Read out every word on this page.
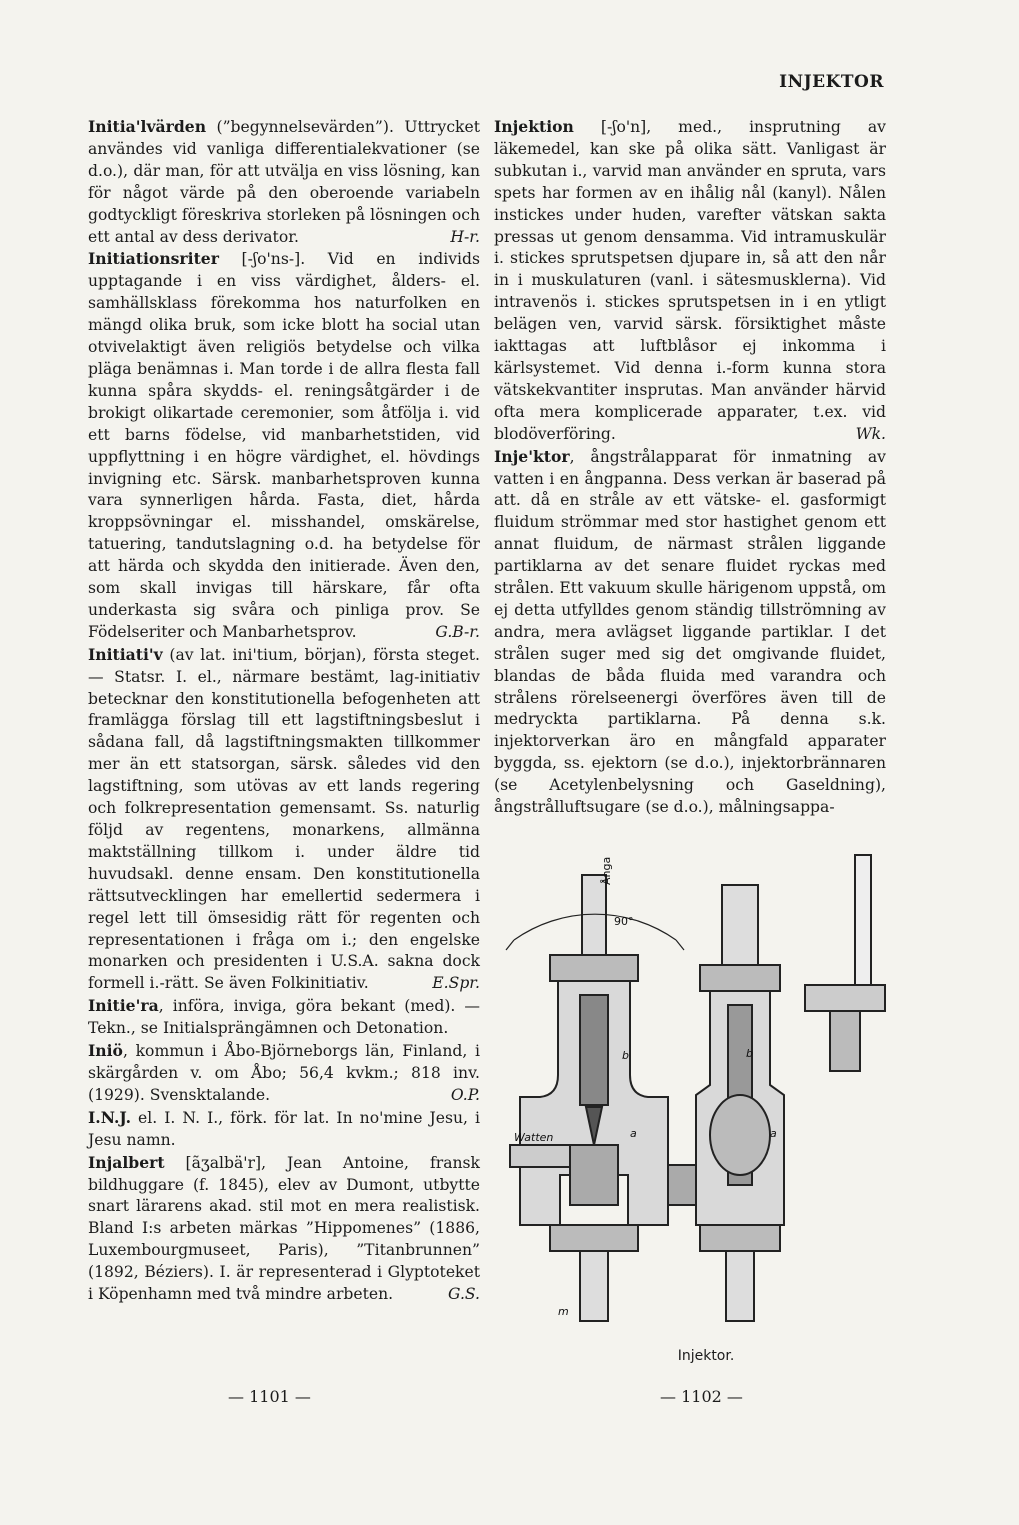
INJEKTOR

Initia'lvärden (”begynnelsevärden”). Uttrycket användes vid vanliga differentialekvationer (se d.o.), där man, för att utvälja en viss lösning, kan för något värde på den oberoende variabeln godtyckligt föreskriva storleken på lösningen och ett antal av dess derivator.	H-r.

Initiationsriter [-ʃo'ns-]. Vid en individs upptagande i en viss värdighet, ålders- el. samhällsklass förekomma hos naturfolken en mängd olika bruk, som icke blott ha social utan otvivelaktigt även religiös betydelse och vilka pläga benämnas i. Man torde i de allra flesta fall kunna spåra skydds- el. reningsåtgärder i de brokigt olikartade ceremonier, som åtfölja i. vid ett barns födelse, vid manbarhetstiden, vid uppflyttning i en högre värdighet, el. hövdings invigning etc. Särsk. manbarhetsproven kunna vara synnerligen hårda. Fasta, diet, hårda kroppsövningar el. misshandel, omskärelse, tatuering, tandutslagning o.d. ha betydelse för att härda och skydda den initierade. Även den, som skall invigas till härskare, får ofta underkasta sig svåra och pinliga prov. Se Födelseriter och Manbarhetsprov.	G.B-r.

Initiati'v (av lat. ini'tium, början), första steget. — Statsr. I. el., närmare bestämt, lag-initiativ betecknar den konstitutionella befogenheten att framlägga förslag till ett lagstiftningsbeslut i sådana fall, då lagstiftningsmakten tillkommer mer än ett statsorgan, särsk. således vid den lagstiftning, som utövas av ett lands regering och folkrepresentation gemensamt. Ss. naturlig följd av regentens, monarkens, allmänna maktställning tillkom i. under äldre tid huvudsakl. denne ensam. Den konstitutionella rättsutvecklingen har emellertid sedermera i regel lett till ömsesidig rätt för regenten och representationen i fråga om i.; den engelske monarken och presidenten i U.S.A. sakna dock formell i.-rätt. Se även Folkinitiativ.	E.Spr.

Initie'ra, införa, inviga, göra bekant (med). — Tekn., se Initialsprängämnen och Detonation.

Iniö, kommun i Åbo-Björneborgs län, Finland, i skärgården v. om Åbo; 56,4 kvkm.; 818 inv. (1929). Svensktalande.	O.P.

I.N.J. el. I. N. I., förk. för lat. In no'mine Jesu, i Jesu namn.

Injalbert [ãʒalbä'r], Jean Antoine, fransk bildhuggare (f. 1845), elev av Dumont, utbytte snart lärarens akad. stil mot en mera realistisk. Bland I:s arbeten märkas ”Hippomenes” (1886, Luxembourgmuseet, Paris), ”Titanbrunnen” (1892, Béziers). I. är representerad i Glyptoteket i Köpenhamn med två mindre arbeten.	G.S.

Injektion [-ʃo'n], med., insprutning av läkemedel, kan ske på olika sätt. Vanligast är subkutan i., varvid man använder en spruta, vars spets har formen av en ihålig nål (kanyl). Nålen instickes under huden, varefter vätskan sakta pressas ut genom densamma. Vid intramuskulär i. stickes sprutspetsen djupare in, så att den når in i muskulaturen (vanl. i sätesmusklerna). Vid intravenös i. stickes sprutspetsen in i en ytligt belägen ven, varvid särsk. försiktighet måste iakttagas att luftblåsor ej inkomma i kärlsystemet. Vid denna i.-form kunna stora vätskekvantiter insprutas. Man använder härvid ofta mera komplicerade apparater, t.ex. vid blodöverföring.	Wk.

Inje'ktor, ångstrålapparat för inmatning av vatten i en ångpanna. Dess verkan är baserad på att. då en stråle av ett vätske- el. gasformigt fluidum strömmar med stor hastighet genom ett annat fluidum, de närmast strålen liggande partiklarna av det senare fluidet ryckas med strålen. Ett vakuum skulle härigenom uppstå, om ej detta utfylldes genom ständig tillströmning av andra, mera avlägset liggande partiklar. I det strålen suger med sig det omgivande fluidet, blandas de båda fluida med varandra och strålens rörelseenergi överföres även till de medryckta partiklarna. På denna s.k. injektorverkan äro en mångfald apparater byggda, ss. ejektorn (se d.o.), injektorbrännaren (se Acetylenbelysning och Gaseldning), ångstrålluftsugare (se d.o.), målningsappa-

Ånga
90°
Watten
b
a
b
a
m
Injektor.
— 1101 —	— 1102 —
